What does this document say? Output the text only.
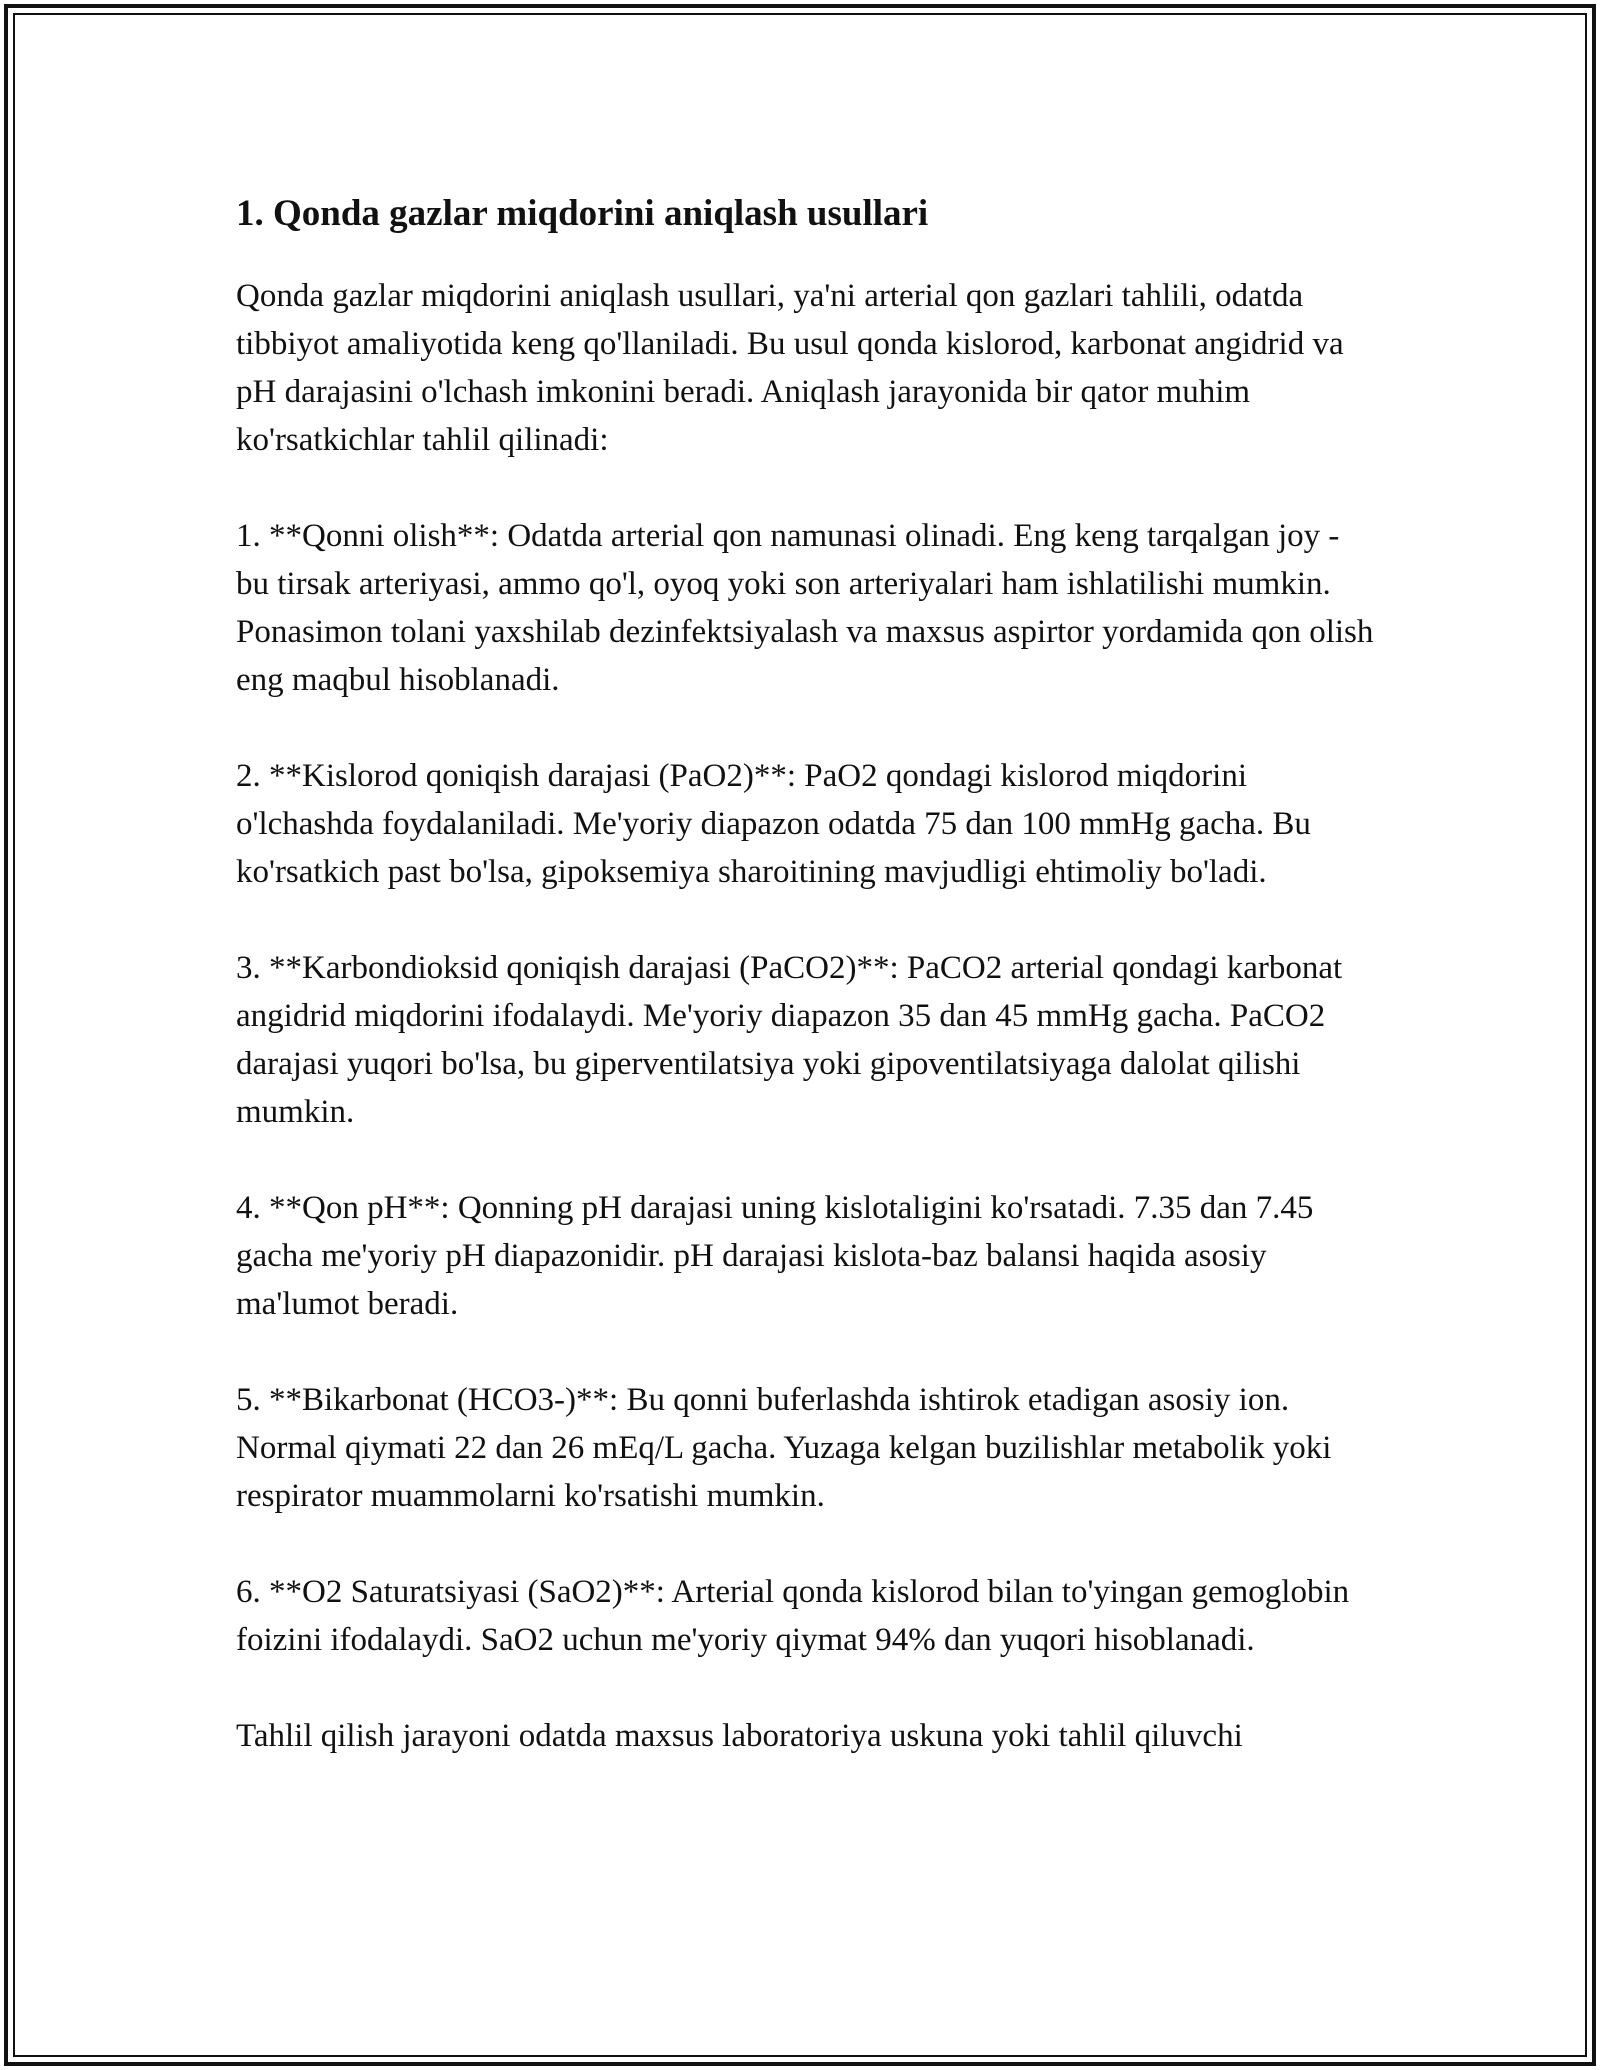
1. Qonda gazlar miqdorini aniqlash usullari

Qonda gazlar miqdorini aniqlash usullari, ya'ni arterial qon gazlari tahlili, odatda tibbiyot amaliyotida keng qo'llaniladi. Bu usul qonda kislorod, karbonat angidrid va pH darajasini o'lchash imkonini beradi. Aniqlash jarayonida bir qator muhim ko'rsatkichlar tahlil qilinadi:

1. **Qonni olish**: Odatda arterial qon namunasi olinadi. Eng keng tarqalgan joy - bu tirsak arteriyasi, ammo qo'l, oyoq yoki son arteriyalari ham ishlatilishi mumkin. Ponasimon tolani yaxshilab dezinfektsiyalash va maxsus aspirtor yordamida qon olish eng maqbul hisoblanadi.

2. **Kislorod qoniqish darajasi (PaO2)**: PaO2 qondagi kislorod miqdorini o'lchashda foydalaniladi. Me'yoriy diapazon odatda 75 dan 100 mmHg gacha. Bu ko'rsatkich past bo'lsa, gipoksemiya sharoitining mavjudligi ehtimoliy bo'ladi.

3. **Karbondioksid qoniqish darajasi (PaCO2)**: PaCO2 arterial qondagi karbonat angidrid miqdorini ifodalaydi. Me'yoriy diapazon 35 dan 45 mmHg gacha. PaCO2 darajasi yuqori bo'lsa, bu giperventilatsiya yoki gipoventilatsiyaga dalolat qilishi mumkin.

4. **Qon pH**: Qonning pH darajasi uning kislotaligini ko'rsatadi. 7.35 dan 7.45 gacha me'yoriy pH diapazonidir. pH darajasi kislota-baz balansi haqida asosiy ma'lumot beradi.

5. **Bikarbonat (HCO3-)**: Bu qonni buferlashda ishtirok etadigan asosiy ion. Normal qiymati 22 dan 26 mEq/L gacha. Yuzaga kelgan buzilishlar metabolik yoki respirator muammolarni ko'rsatishi mumkin.

6. **O2 Saturatsiyasi (SaO2)**: Arterial qonda kislorod bilan to'yingan gemoglobin foizini ifodalaydi. SaO2 uchun me'yoriy qiymat 94% dan yuqori hisoblanadi.

Tahlil qilish jarayoni odatda maxsus laboratoriya uskuna yoki tahlil qiluvchi
